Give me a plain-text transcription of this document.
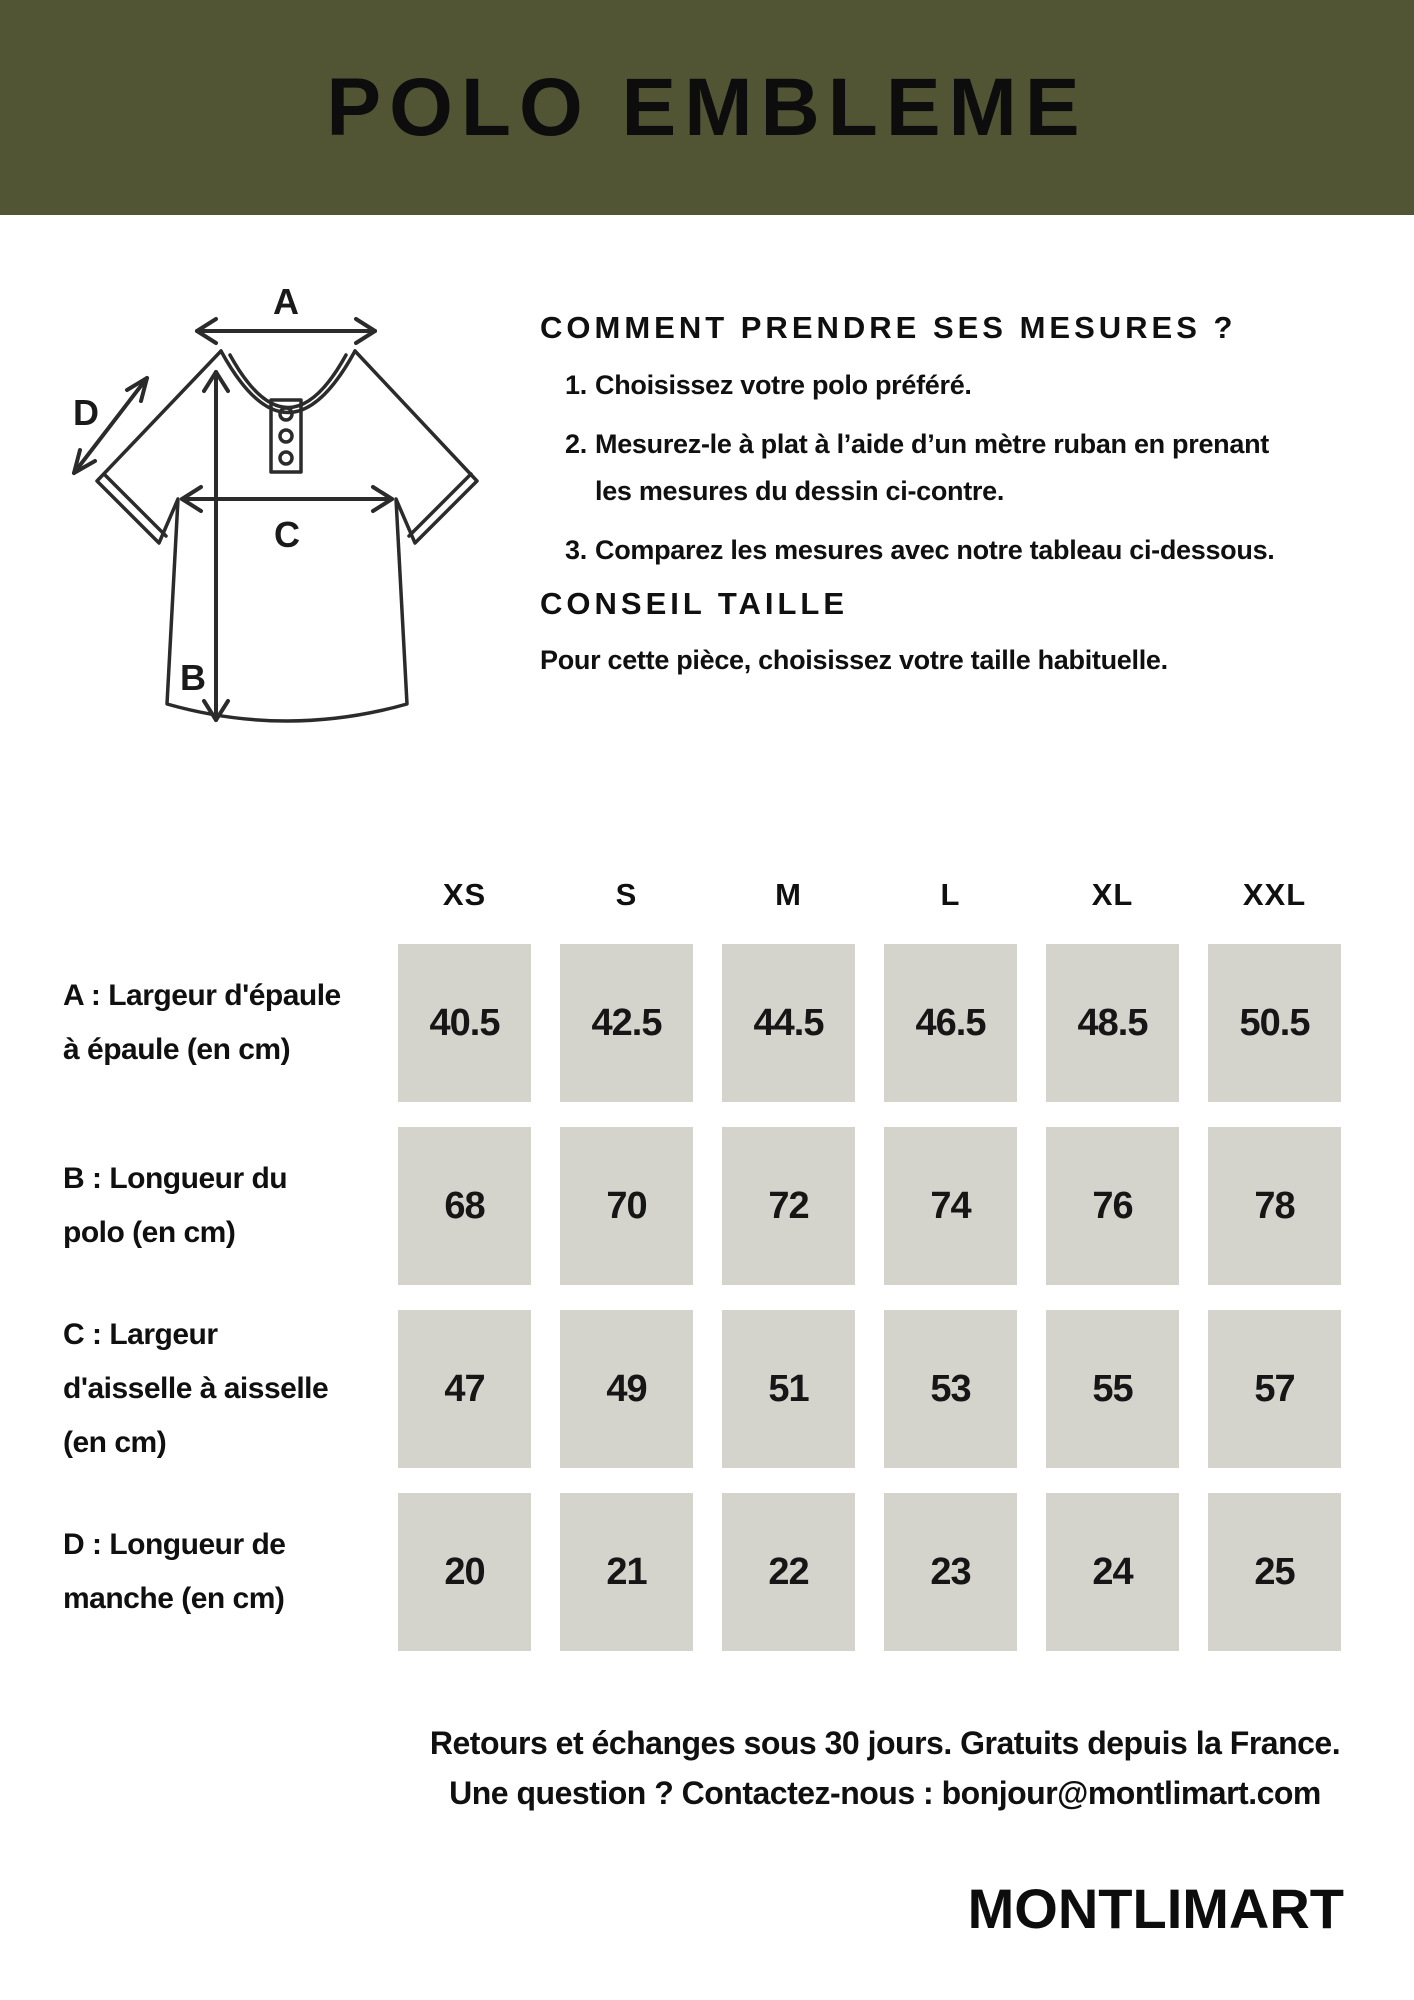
POLO EMBLEME
A
D
C
B
COMMENT PRENDRE SES MESURES ?
1. Choisissez votre polo préféré.
2. Mesurez-le à plat à l’aide d’un mètre ruban en prenant les mesures du dessin ci-contre.
3. Comparez les mesures avec notre tableau ci-dessous.
CONSEIL TAILLE

Pour cette pièce, choisissez votre taille habituelle.

XS	S	M	L	XL	XXL
A : Largeur d'épaule
à épaule (en cm)
40.5	42.5	44.5	46.5	48.5	50.5
B : Longueur du
polo (en cm)
68	70	72	74	76	78
C : Largeur
d'aisselle à aisselle
(en cm)
47	49	51	53	55	57
D : Longueur de
manche (en cm)
20	21	22	23	24	25
Retours et échanges sous 30 jours. Gratuits depuis la France.
Une question ? Contactez-nous : bonjour@montlimart.com
MONTLIMART
